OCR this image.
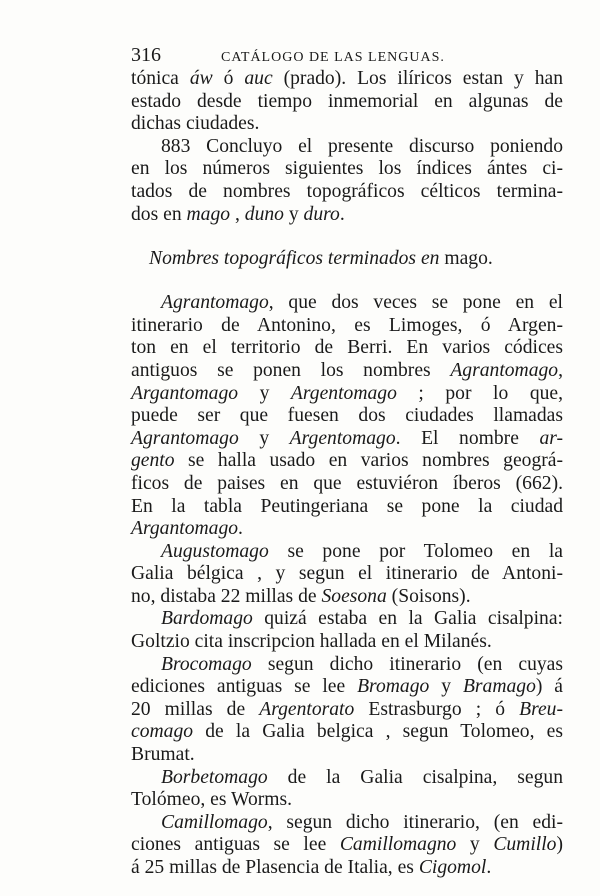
316	CATÁLOGO DE LAS LENGUAS.
tónica áw ó auc (prado). Los ilíricos estan y han
estado desde tiempo inmemorial en algunas de
dichas ciudades.
883 Concluyo el presente discurso poniendo
en los números siguientes los índices ántes ci-
tados de nombres topográficos célticos termina-
dos en mago , duno y duro.
Nombres topográficos terminados en mago.
Agrantomago, que dos veces se pone en el
itinerario de Antonino, es Limoges, ó Argen-
ton en el territorio de Berri. En varios códices
antiguos se ponen los nombres Agrantomago,
Argantomago y Argentomago ; por lo que,
puede ser que fuesen dos ciudades llamadas
Agrantomago y Argentomago. El nombre ar-
gento se halla usado en varios nombres geográ-
ficos de paises en que estuviéron íberos (662).
En la tabla Peutingeriana se pone la ciudad
Argantomago.
Augustomago se pone por Tolomeo en la
Galia bélgica , y segun el itinerario de Antoni-
no, distaba 22 millas de Soesona (Soisons).
Bardomago quizá estaba en la Galia cisalpina:
Goltzio cita inscripcion hallada en el Milanés.
Brocomago segun dicho itinerario (en cuyas
ediciones antiguas se lee Bromago y Bramago) á
20 millas de Argentorato Estrasburgo ; ó Breu-
comago de la Galia belgica , segun Tolomeo, es
Brumat.
Borbetomago de la Galia cisalpina, segun
Tolómeo, es Worms.
Camillomago, segun dicho itinerario, (en edi-
ciones antiguas se lee Camillomagno y Cumillo)
á 25 millas de Plasencia de Italia, es Cigomol.
